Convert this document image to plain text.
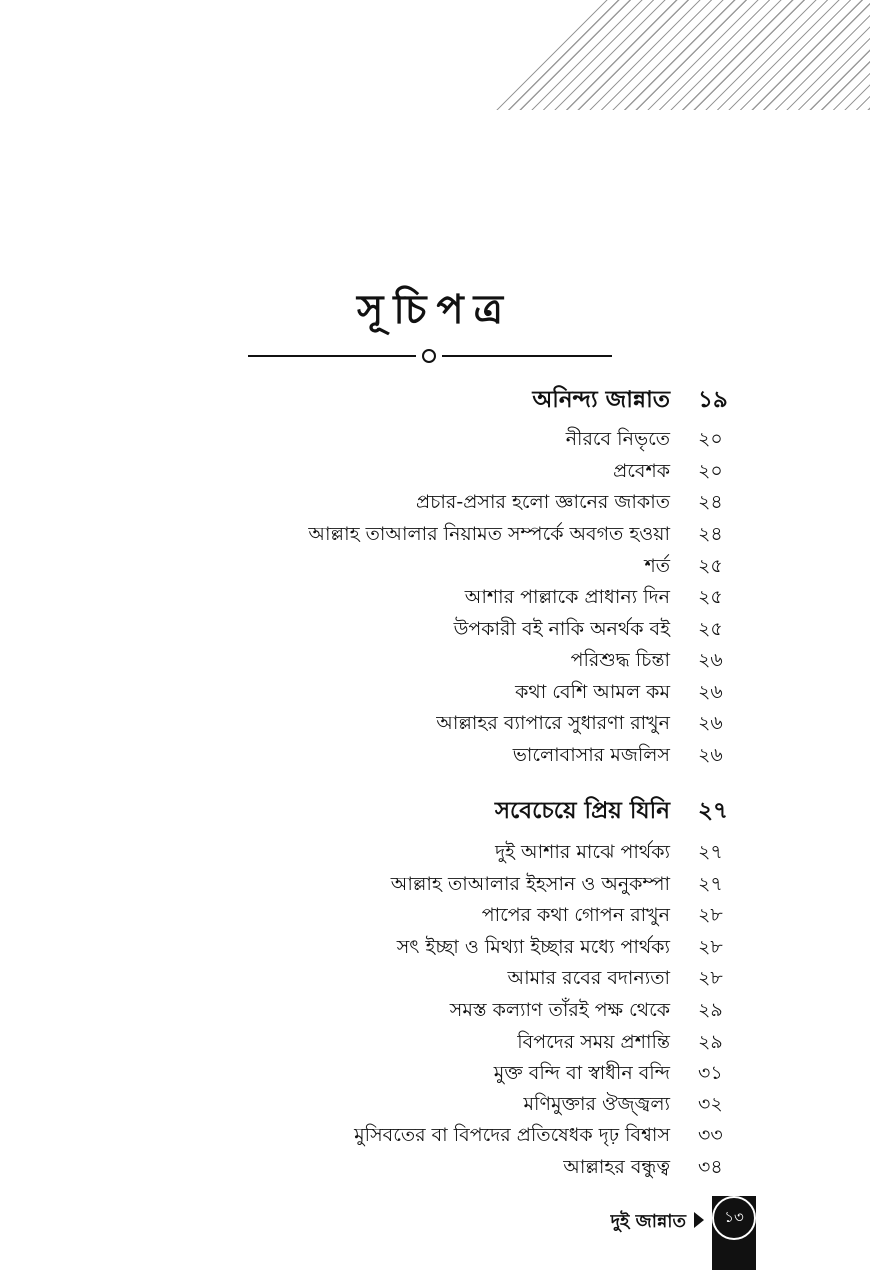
সূচিপত্র
অনিন্দ্য জান্নাত ১৯
নীরবে নিভৃতে ২০
প্রবেশক ২০
প্রচার-প্রসার হলো জ্ঞানের জাকাত ২৪
আল্লাহ তাআলার নিয়ামত সম্পর্কে অবগত হওয়া ২৪
শর্ত ২৫
আশার পাল্লাকে প্রাধান্য দিন ২৫
উপকারী বই নাকি অনর্থক বই ২৫
পরিশুদ্ধ চিন্তা ২৬
কথা বেশি আমল কম ২৬
আল্লাহর ব্যাপারে সুধারণা রাখুন ২৬
ভালোবাসার মজলিস ২৬
সবেচেয়ে প্রিয় যিনি ২৭
দুই আশার মাঝে পার্থক্য ২৭
আল্লাহ তাআলার ইহসান ও অনুকম্পা ২৭
পাপের কথা গোপন রাখুন ২৮
সৎ ইচ্ছা ও মিথ্যা ইচ্ছার মধ্যে পার্থক্য ২৮
আমার রবের বদান্যতা ২৮
সমস্ত কল্যাণ তাঁরই পক্ষ থেকে ২৯
বিপদের সময় প্রশান্তি ২৯
মুক্ত বন্দি বা স্বাধীন বন্দি ৩১
মণিমুক্তার ঔজ্জ্বল্য ৩২
মুসিবতের বা বিপদের প্রতিষেধক দৃঢ় বিশ্বাস ৩৩
আল্লাহর বন্ধুত্ব ৩৪
দুই জান্নাত	১৩
